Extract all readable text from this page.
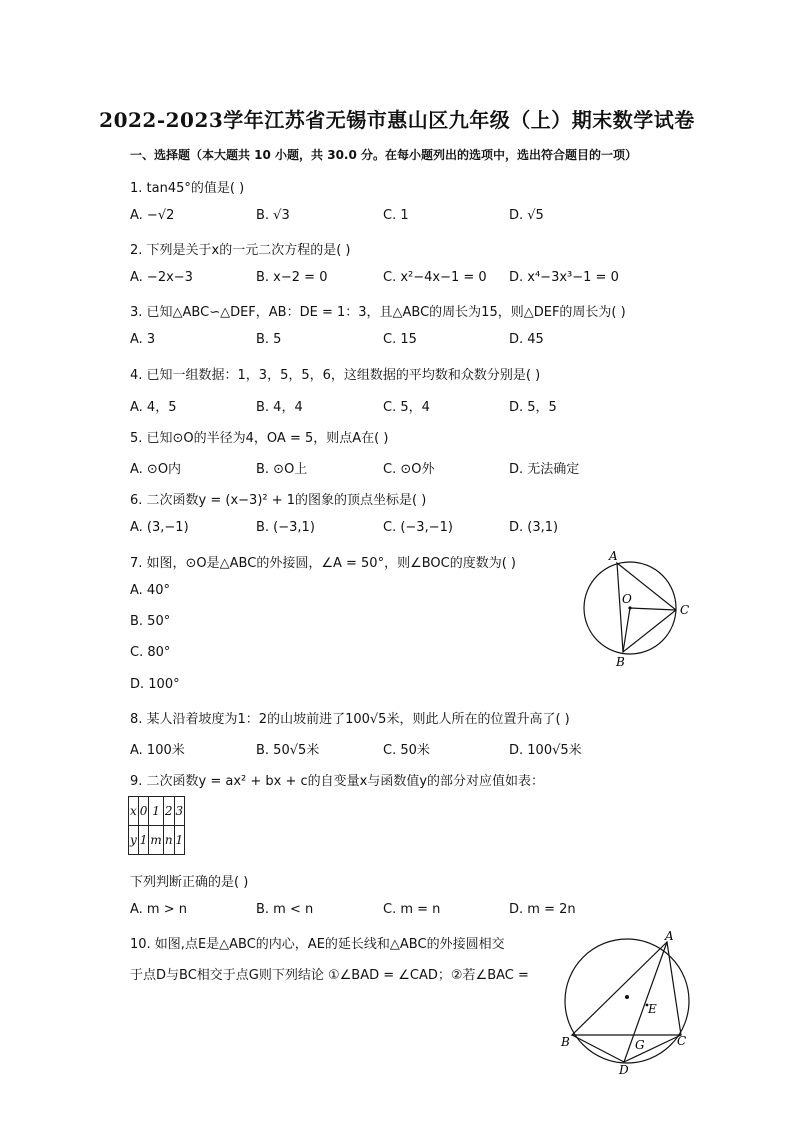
2022-2023学年江苏省无锡市惠山区九年级（上）期末数学试卷
一、选择题（本大题共 10 小题，共 30.0 分。在每小题列出的选项中，选出符合题目的一项）
1. tan45°的值是( )
A. −√2	B. √3	C. 1	D. √5
2. 下列是关于x的一元二次方程的是( )
A. −2x−3	B. x−2 = 0	C. x²−4x−1 = 0 D. x⁴−3x³−1 = 0
3. 已知△ABC∽△DEF，AB：DE = 1：3，且△ABC的周长为15，则△DEF的周长为( )
A. 3	B. 5	C. 15	D. 45
4. 已知一组数据：1，3，5，5，6，这组数据的平均数和众数分别是( )
A. 4，5	B. 4，4	C. 5，4	D. 5，5
5. 已知⊙O的半径为4，OA = 5，则点A在( )
A. ⊙O内	B. ⊙O上	C. ⊙O外	D. 无法确定
6. 二次函数y = (x−3)² + 1的图象的顶点坐标是( )
A. (3,−1)	B. (−3,1)	C. (−3,−1)	D. (3,1)
7. 如图，⊙O是△ABC的外接圆，∠A = 50°，则∠BOC的度数为( )
A. 40°
B. 50°
C. 80°
D. 100°
A
O
C
B
8. 某人沿着坡度为1：2的山坡前进了100√5米，则此人所在的位置升高了( )
A. 100米	B. 50√5米	C. 50米	D. 100√5米
9. 二次函数y = ax² + bx + c的自变量x与函数值y的部分对应值如表：
x	0	1	2	3
y	1	m	n	1
下列判断正确的是( )
A. m > n	B. m < n	C. m = n	D. m = 2n
10. 如图,点E是△ABC的内心，AE的延长线和△ABC的外接圆相交
于点D与BC相交于点G则下列结论 ①∠BAD = ∠CAD；②若∠BAC =
A
E
B	G	C
D
